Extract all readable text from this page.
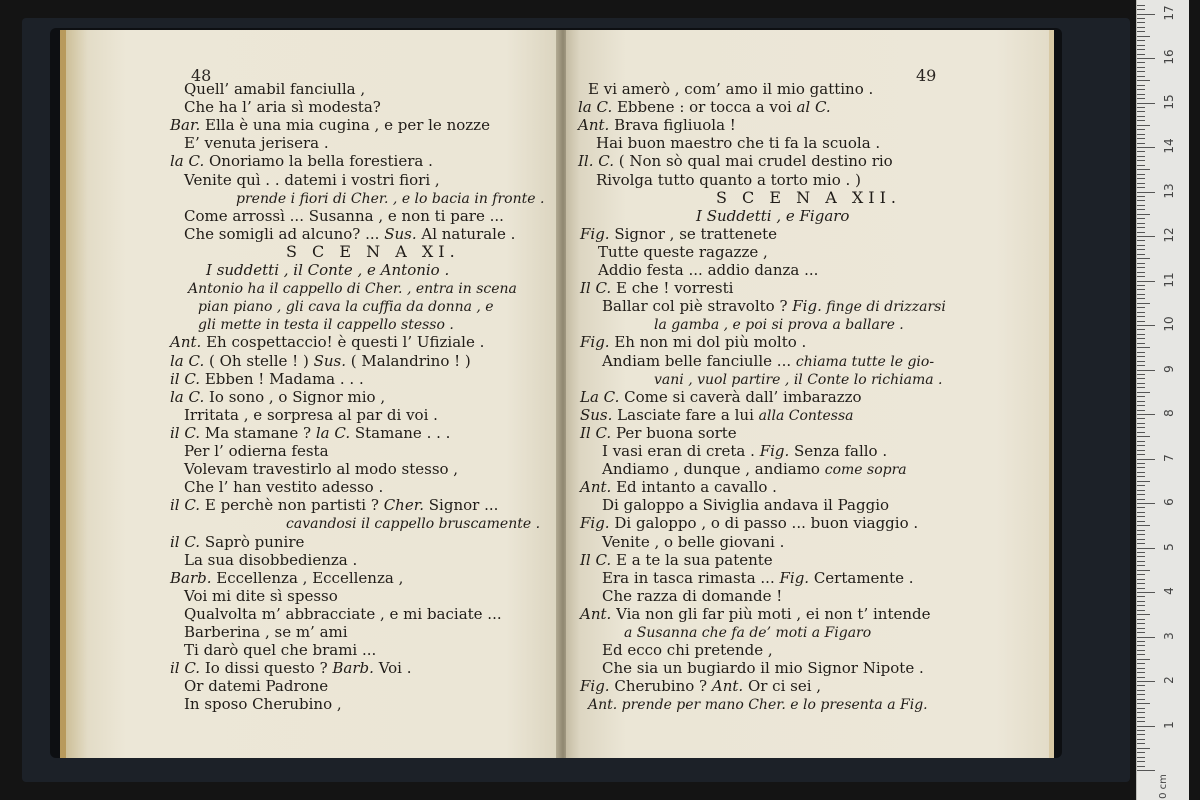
48
Quell’ amabil fanciulla ,
Che ha l’ aria sì modesta?
Bar. Ella è una mia cugina , e per le nozze
E’ venuta jerisera .
la C. Onoriamo la bella forestiera .
Venite quì . . datemi i vostri fiori ,
prende i fiori di Cher. , e lo bacia in fronte .
Come arrossì ... Susanna , e non ti pare ...
Che somigli ad alcuno? ... Sus. Al naturale .
S C E N A XI.
I suddetti , il Conte , e Antonio .
Antonio ha il cappello di Cher. , entra in scena
pian piano , gli cava la cuffia da donna , e
gli mette in testa il cappello stesso .
Ant. Eh cospettaccio! è questi l’ Ufiziale .
la C. ( Oh stelle ! ) Sus. ( Malandrino ! )
il C. Ebben ! Madama . . .
la C. Io sono , o Signor mio ,
Irritata , e sorpresa al par di voi .
il C. Ma stamane ? la C. Stamane . . .
Per l’ odierna festa
Volevam travestirlo al modo stesso ,
Che l’ han vestito adesso .
il C. E perchè non partisti ? Cher. Signor ...
cavandosi il cappello bruscamente .
il C. Saprò punire
La sua disobbedienza .
Barb. Eccellenza , Eccellenza ,
Voi mi dite sì spesso
Qualvolta m’ abbracciate , e mi baciate ...
Barberina , se m’ ami
Ti darò quel che brami ...
il C. Io dissi questo ? Barb. Voi .
Or datemi Padrone
In sposo Cherubino ,
49
E vi amerò , com’ amo il mio gattino .
la C. Ebbene : or tocca a voi al C.
Ant. Brava figliuola !
Hai buon maestro che ti fa la scuola .
Il. C. ( Non sò qual mai crudel destino rio
Rivolga tutto quanto a torto mio . )
S C E N A XII.
I Suddetti , e Figaro
Fig. Signor , se trattenete
Tutte queste ragazze ,
Addio festa ... addio danza ...
Il C. E che ! vorresti
Ballar col piè stravolto ? Fig. finge di drizzarsi
la gamba , e poi si prova a ballare .
Fig. Eh non mi dol più molto .
Andiam belle fanciulle ... chiama tutte le gio-
vani , vuol partire , il Conte lo richiama .
La C. Come si caverà dall’ imbarazzo
Sus. Lasciate fare a lui alla Contessa
Il C. Per buona sorte
I vasi eran di creta . Fig. Senza fallo .
Andiamo , dunque , andiamo come sopra
Ant. Ed intanto a cavallo .
Di galoppo a Siviglia andava il Paggio
Fig. Di galoppo , o di passo ... buon viaggio .
Venite , o belle giovani .
Il C. E a te la sua patente
Era in tasca rimasta ... Fig. Certamente .
Che razza di domande !
Ant. Via non gli far più moti , ei non t’ intende
a Susanna che fa de’ moti a Figaro
Ed ecco chi pretende ,
Che sia un bugiardo il mio Signor Nipote .
Fig. Cherubino ? Ant. Or ci sei ,
Ant. prende per mano Cher. e lo presenta a Fig.
1
2
3
4
5
6
7
8
9
10
11
12
13
14
15
16
17
0 cm
